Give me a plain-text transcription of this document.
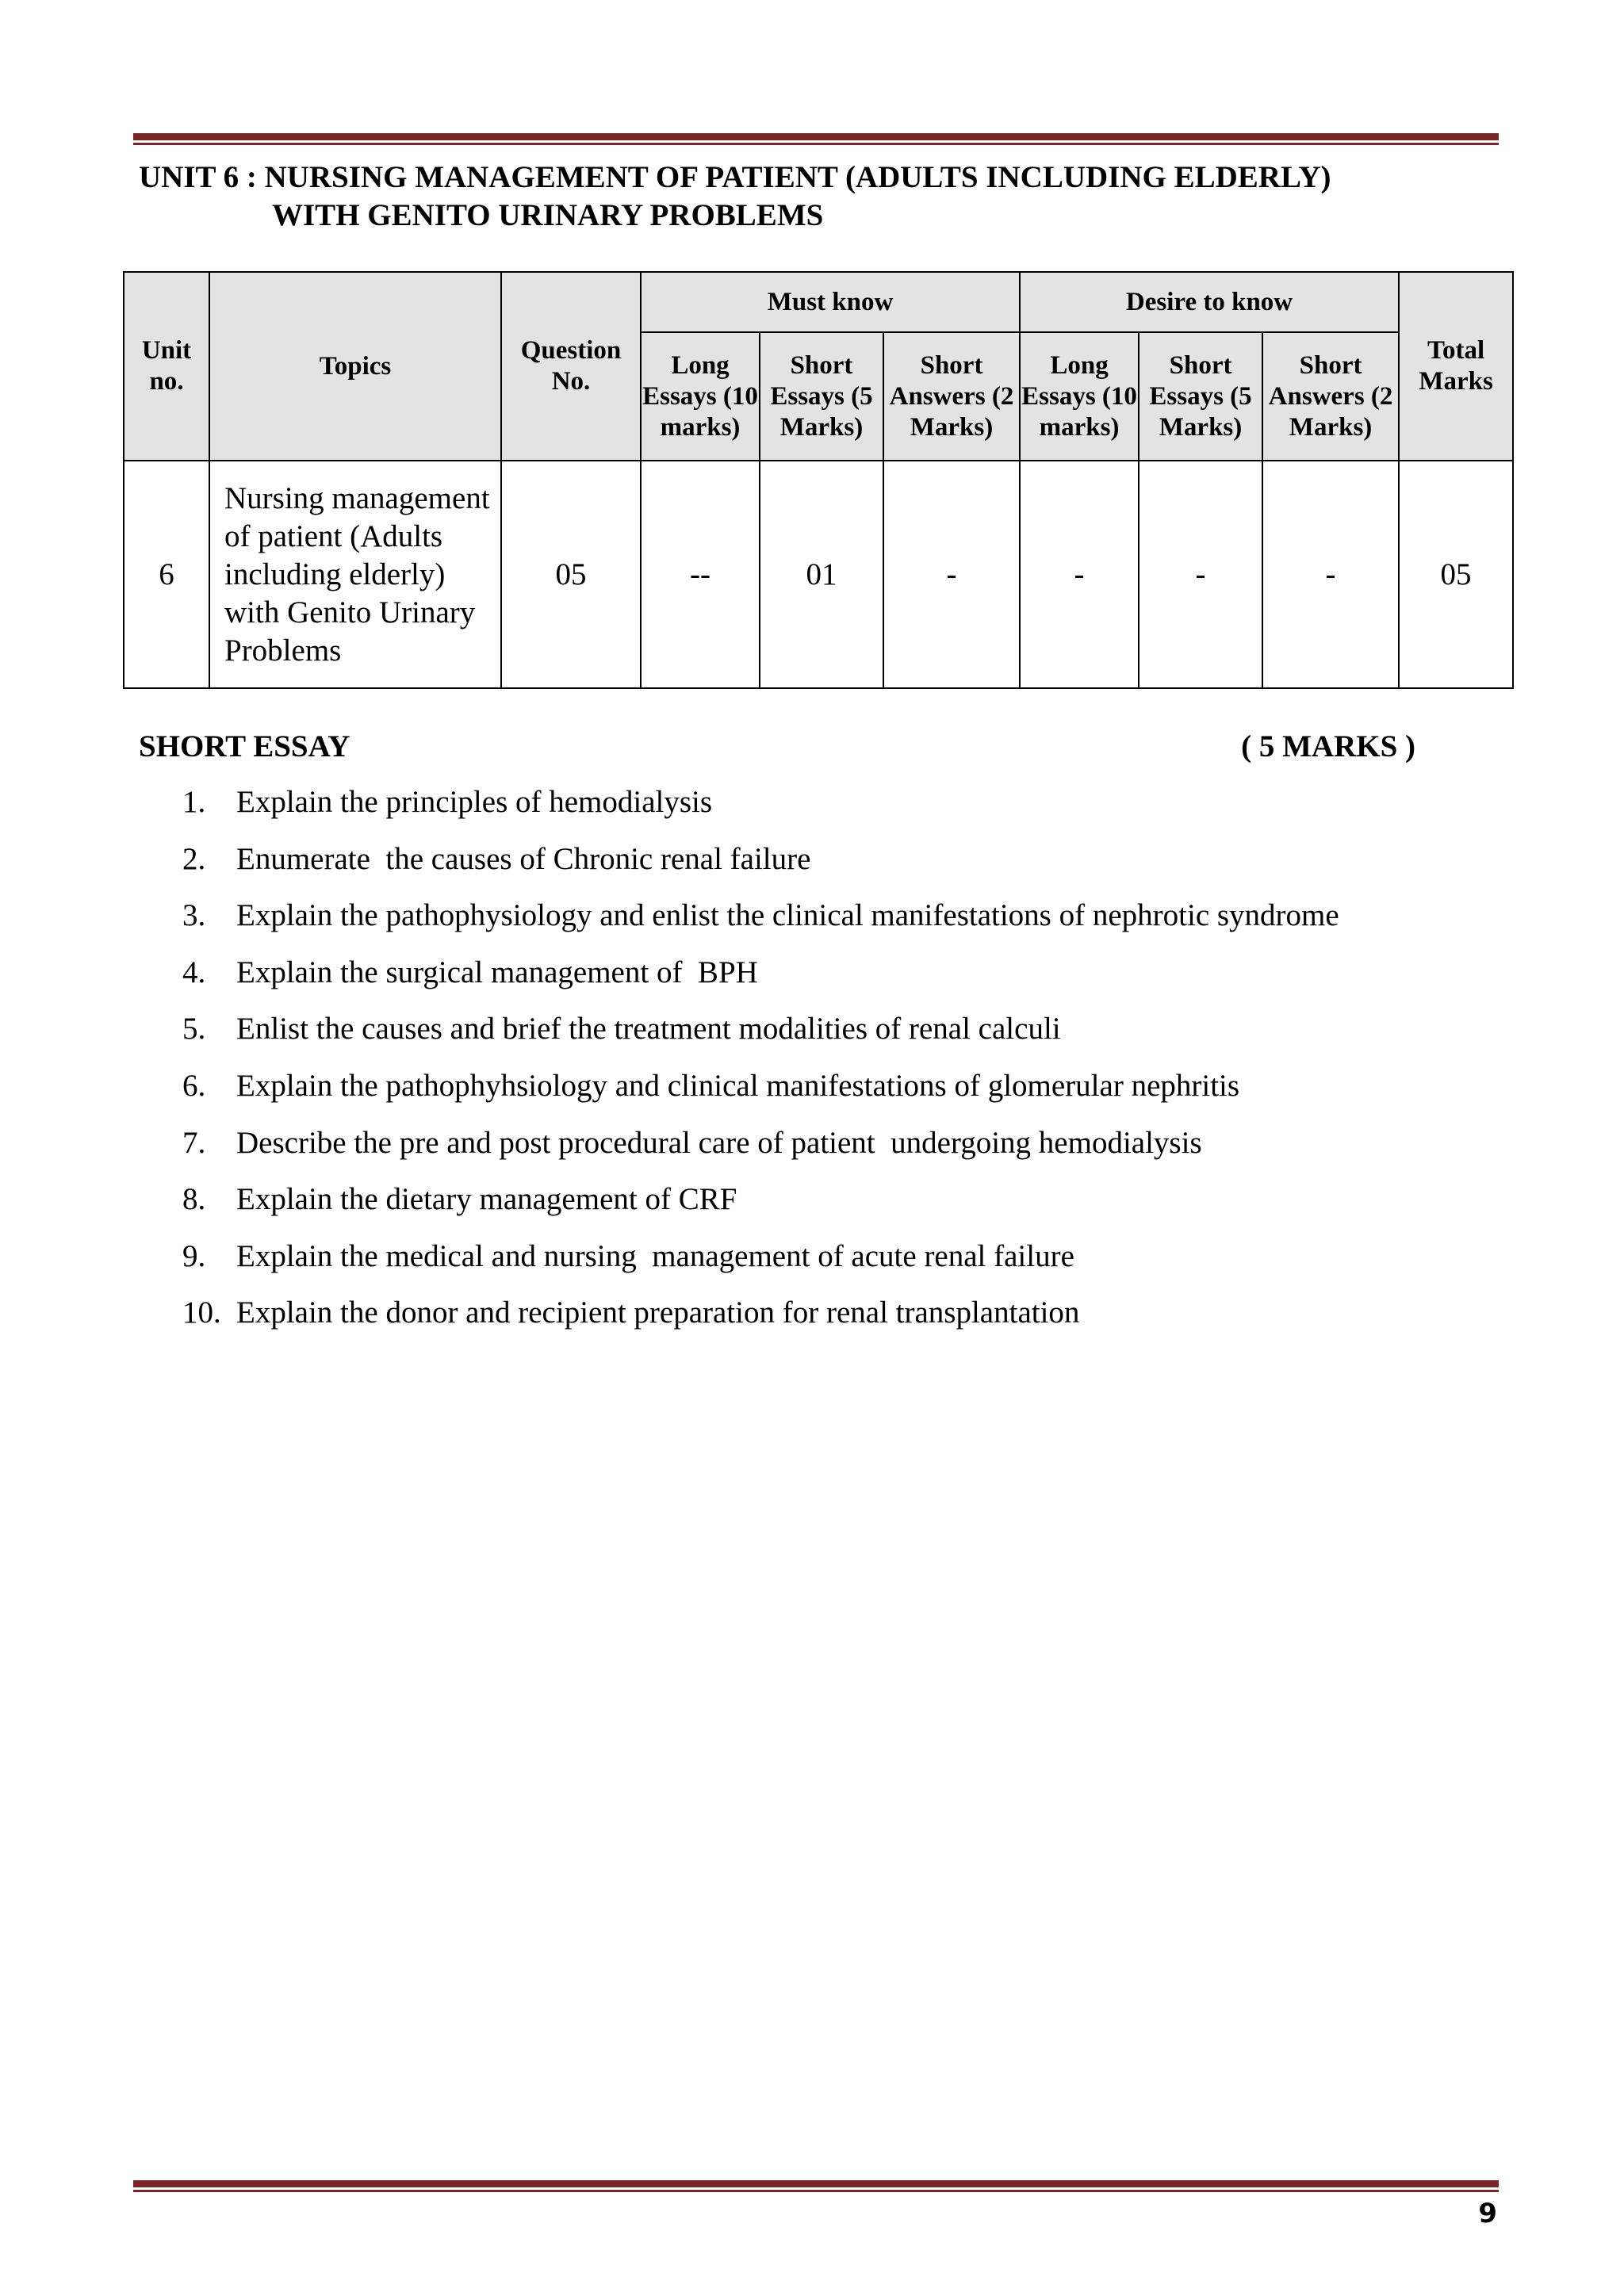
UNIT 6 : NURSING MANAGEMENT OF PATIENT (ADULTS INCLUDING ELDERLY)
WITH GENITO URINARY PROBLEMS
Unit no.	Topics	Question No.	Must know			Desire to know			Total Marks
			Long Essays (10 marks)	Short Essays (5 Marks)	Short Answers (2 Marks)	Long Essays (10 marks)	Short Essays (5 Marks)	Short Answers (2 Marks)	
6	Nursing management of patient (Adults including elderly) with Genito Urinary Problems	05	--	01	-	-	-	-	05
SHORT ESSAY	( 5 MARKS )
1. Explain the principles of hemodialysis
2. Enumerate  the causes of Chronic renal failure
3. Explain the pathophysiology and enlist the clinical manifestations of nephrotic syndrome
4. Explain the surgical management of  BPH
5. Enlist the causes and brief the treatment modalities of renal calculi
6. Explain the pathophyhsiology and clinical manifestations of glomerular nephritis
7. Describe the pre and post procedural care of patient  undergoing hemodialysis
8. Explain the dietary management of CRF
9. Explain the medical and nursing  management of acute renal failure
10. Explain the donor and recipient preparation for renal transplantation
9
